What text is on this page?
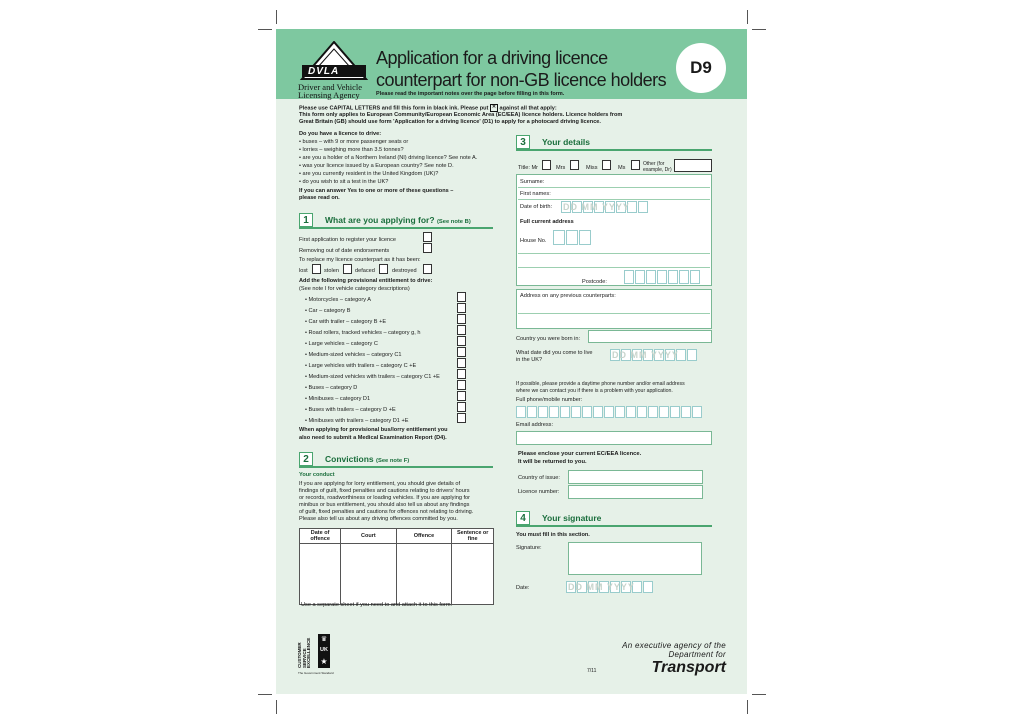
DVLA
Driver and Vehicle
Licensing Agency
Application for a driving licence
counterpart for non-GB licence holders
Please read the important notes over the page before filling in this form.
D9
Please use CAPITAL LETTERS and fill this form in black ink. Please put ✕ against all that apply:
This form only applies to European Community/European Economic Area (EC/EEA) licence holders. Licence holders from
Great Britain (GB) should use form 'Application for a driving licence' (D1) to apply for a photocard driving licence.
Do you have a licence to drive:
• buses – with 9 or more passenger seats or
• lorries – weighing more than 3.5 tonnes?
• are you a holder of a Northern Ireland (NI) driving licence? See note A.
• was your licence issued by a European country? See note D.
• are you currently resident in the United Kingdom (UK)?
• do you wish to sit a test in the UK?
If you can answer Yes to one or more of these questions –
please read on.
1	What are you applying for? (See note B)
First application to register your licence
Removing out of date endorsements
To replace my licence counterpart as it has been:
lost	stolen	defaced	destroyed
Add the following provisional entitlement to drive:
(See note I for vehicle category descriptions)
• Motorcycles – category A
• Car – category B
• Car with trailer – category B +E
• Road rollers, tracked vehicles – category g, h
• Large vehicles – category C
• Medium-sized vehicles – category C1
• Large vehicles with trailers – category C +E
• Medium-sized vehicles with trailers – category C1 +E
• Buses – category D
• Minibuses – category D1
• Buses with trailers – category D +E
• Minibuses with trailers – category D1 +E
When applying for provisional bus/lorry entitlement you
also need to submit a Medical Examination Report (D4).
2	Convictions (See note F)
Your conduct
If you are applying for lorry entitlement, you should give details of
findings of guilt, fixed penalties and cautions relating to drivers' hours
or records, roadworthiness or loading vehicles. If you are applying for
minibus or bus entitlement, you should also tell us about any findings
of guilt, fixed penalties and cautions for offences not relating to driving.
Please also tell us about any driving offences committed by you.
Date of offence	Court	Offence	Sentence or fine

Use a separate sheet if you need to and attach it to this form.
3	Your details
Title: Mr	Mrs	Miss	Ms
Other (for example, Dr)
Surname:
First names:
Date of birth: DD MM YYYY
Full current address
House No.
Postcode:
Address on any previous counterparts:
Country you were born in:
What date did you come to live
in the UK?	DD MM YYYY
If possible, please provide a daytime phone number and/or email address
where we can contact you if there is a problem with your application.
Full phone/mobile number:
Email address:
Please enclose your current EC/EEA licence.
It will be returned to you.
Country of issue:
Licence number:
4	Your signature
You must fill in this section.
Signature:
Date:	DD MM YYYY
CUSTOMER SERVICE EXCELLENCE	♛
UK
★
The Government Standard
An executive agency of the
Department for
Transport
7/11
